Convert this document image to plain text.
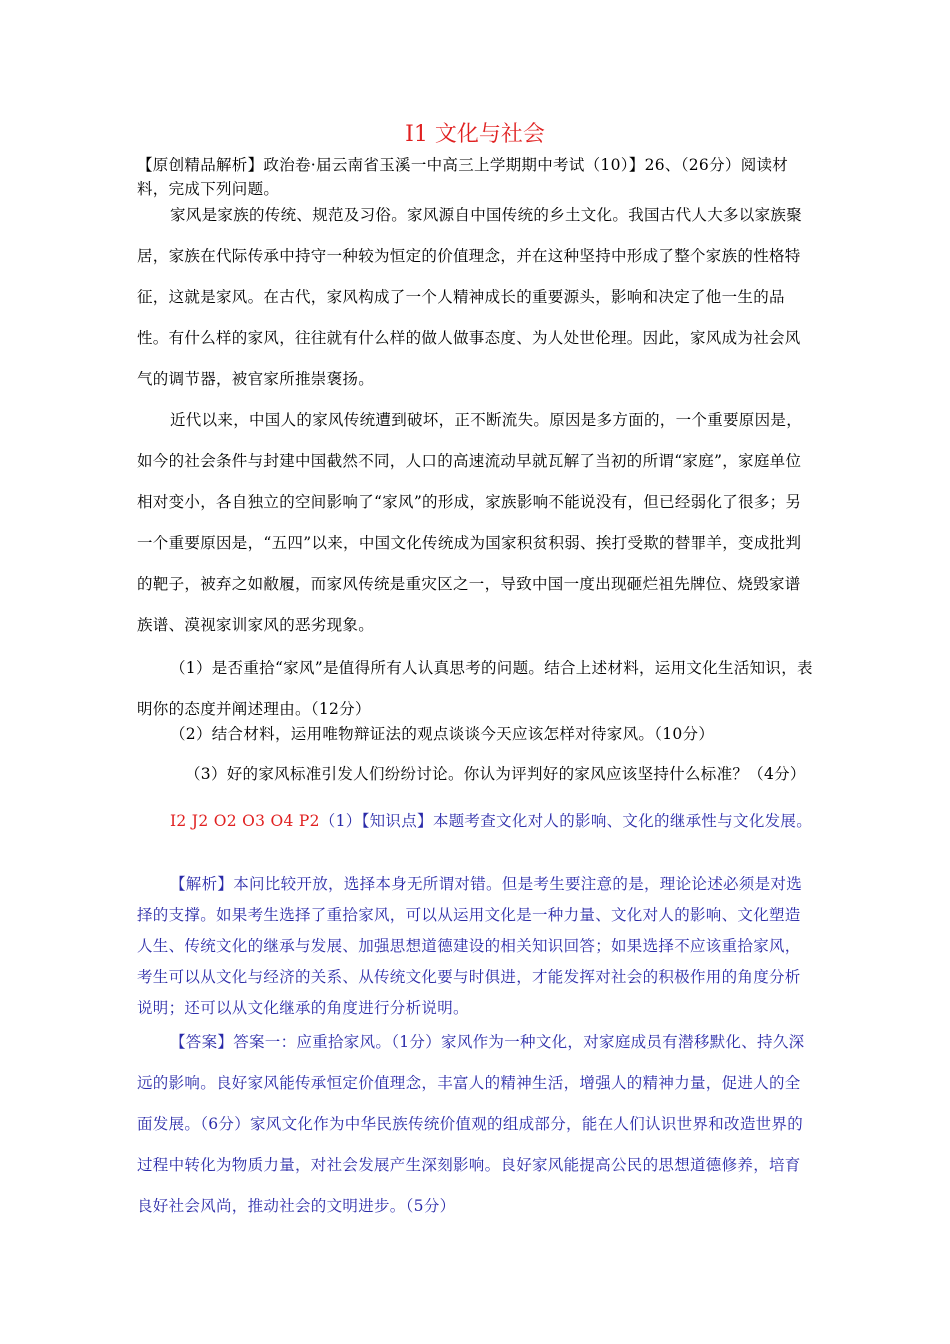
I1 文化与社会
【原创精品解析】政治卷·届云南省玉溪一中高三上学期期中考试（10）】26、（26分）阅读材料，完成下列问题。
家风是家族的传统、规范及习俗。家风源自中国传统的乡土文化。我国古代人大多以家族聚居，家族在代际传承中持守一种较为恒定的价值理念，并在这种坚持中形成了整个家族的性格特征，这就是家风。在古代，家风构成了一个人精神成长的重要源头，影响和决定了他一生的品性。有什么样的家风，往往就有什么样的做人做事态度、为人处世伦理。因此，家风成为社会风气的调节器，被官家所推崇褒扬。
近代以来，中国人的家风传统遭到破坏，正不断流失。原因是多方面的，一个重要原因是，如今的社会条件与封建中国截然不同，人口的高速流动早就瓦解了当初的所谓“家庭”，家庭单位相对变小，各自独立的空间影响了“家风”的形成，家族影响不能说没有，但已经弱化了很多；另一个重要原因是，“五四”以来，中国文化传统成为国家积贫积弱、挨打受欺的替罪羊，变成批判的靶子，被弃之如敝履，而家风传统是重灾区之一，导致中国一度出现砸烂祖先牌位、烧毁家谱族谱、漠视家训家风的恶劣现象。
（1）是否重拾“家风”是值得所有人认真思考的问题。结合上述材料，运用文化生活知识，表明你的态度并阐述理由。（12分）
（2）结合材料，运用唯物辩证法的观点谈谈今天应该怎样对待家风。（10分）
（3）好的家风标准引发人们纷纷讨论。你认为评判好的家风应该坚持什么标准？（4分）
I2 J2 O2 O3 O4 P2（1）【知识点】本题考查文化对人的影响、文化的继承性与文化发展。
【解析】本问比较开放，选择本身无所谓对错。但是考生要注意的是，理论论述必须是对选择的支撑。如果考生选择了重拾家风，可以从运用文化是一种力量、文化对人的影响、文化塑造人生、传统文化的继承与发展、加强思想道德建设的相关知识回答；如果选择不应该重拾家风，考生可以从文化与经济的关系、从传统文化要与时俱进，才能发挥对社会的积极作用的角度分析说明；还可以从文化继承的角度进行分析说明。
【答案】答案一：应重拾家风。（1分）家风作为一种文化，对家庭成员有潜移默化、持久深远的影响。良好家风能传承恒定价值理念，丰富人的精神生活，增强人的精神力量，促进人的全面发展。（6分）家风文化作为中华民族传统价值观的组成部分，能在人们认识世界和改造世界的过程中转化为物质力量，对社会发展产生深刻影响。良好家风能提高公民的思想道德修养，培育良好社会风尚，推动社会的文明进步。（5分）
